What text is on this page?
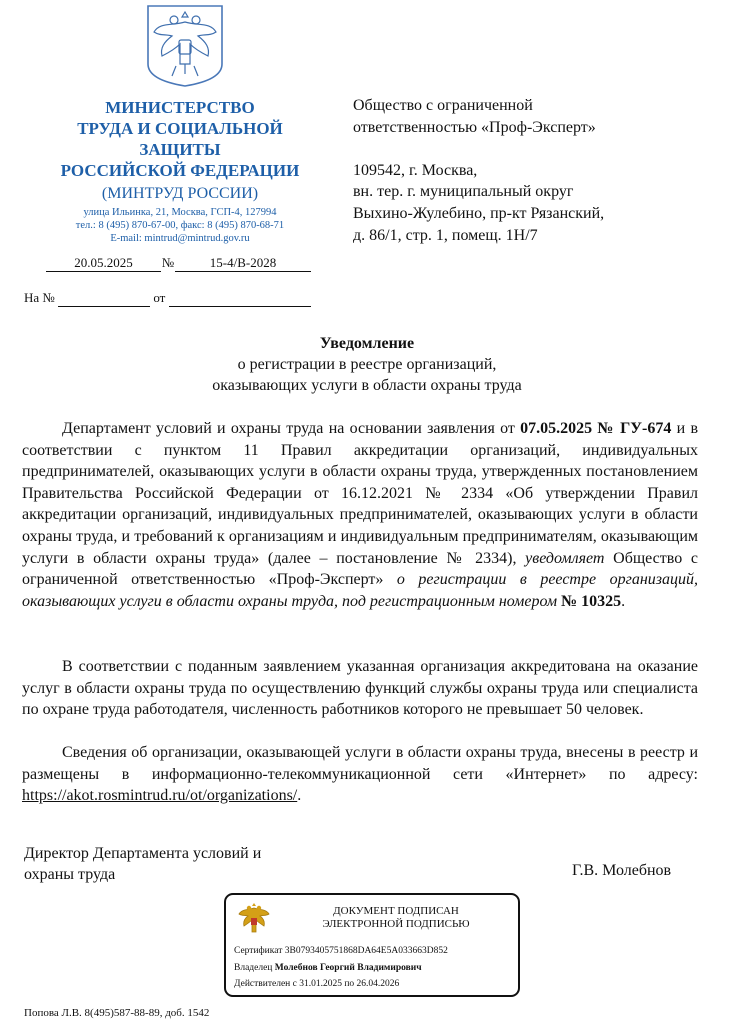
МИНИСТЕРСТВО
ТРУДА И СОЦИАЛЬНОЙ
ЗАЩИТЫ
РОССИЙСКОЙ ФЕДЕРАЦИИ
(МИНТРУД РОССИИ)
улица Ильинка, 21, Москва, ГСП-4, 127994
тел.: 8 (495) 870-67-00, факс: 8 (495) 870-68-71
E-mail: mintrud@mintrud.gov.ru
20.05.2025 №	15-4/В-2028
На №	от
Общество с ограниченной
ответственностью «Проф-Эксперт»
109542, г. Москва,
вн. тер. г. муниципальный округ
Выхино-Жулебино, пр-кт Рязанский,
д. 86/1, стр. 1, помещ. 1Н/7
Уведомление
о регистрации в реестре организаций,
оказывающих услуги в области охраны труда

Департамент условий и охраны труда на основании заявления от 07.05.2025 № ГУ-674 и в соответствии с пунктом 11 Правил аккредитации организаций, индивидуальных предпринимателей, оказывающих услуги в области охраны труда, утвержденных постановлением Правительства Российской Федерации от 16.12.2021 № 2334 «Об утверждении Правил аккредитации организаций, индивидуальных предпринимателей, оказывающих услуги в области охраны труда, и требований к организациям и индивидуальным предпринимателям, оказывающим услуги в области охраны труда» (далее – постановление № 2334), уведомляет Общество с ограниченной ответственностью «Проф-Эксперт» о регистрации в реестре организаций, оказывающих услуги в области охраны труда, под регистрационным номером № 10325.

В соответствии с поданным заявлением указанная организация аккредитована на оказание услуг в области охраны труда по осуществлению функций службы охраны труда или специалиста по охране труда работодателя, численность работников которого не превышает 50 человек.

Сведения об организации, оказывающей услуги в области охраны труда, внесены в реестр и размещены в информационно-телекоммуникационной сети «Интернет» по адресу: https://akot.rosmintrud.ru/ot/organizations/.

Директор Департамента условий и
охраны труда	Г.В. Молебнов
ДОКУМЕНТ ПОДПИСАН
ЭЛЕКТРОННОЙ ПОДПИСЬЮ
Сертификат 3B0793405751868DA64E5A033663D852
Владелец Молебнов Георгий Владимирович
Действителен с 31.01.2025 по 26.04.2026
Попова Л.В. 8(495)587-88-89, доб. 1542
